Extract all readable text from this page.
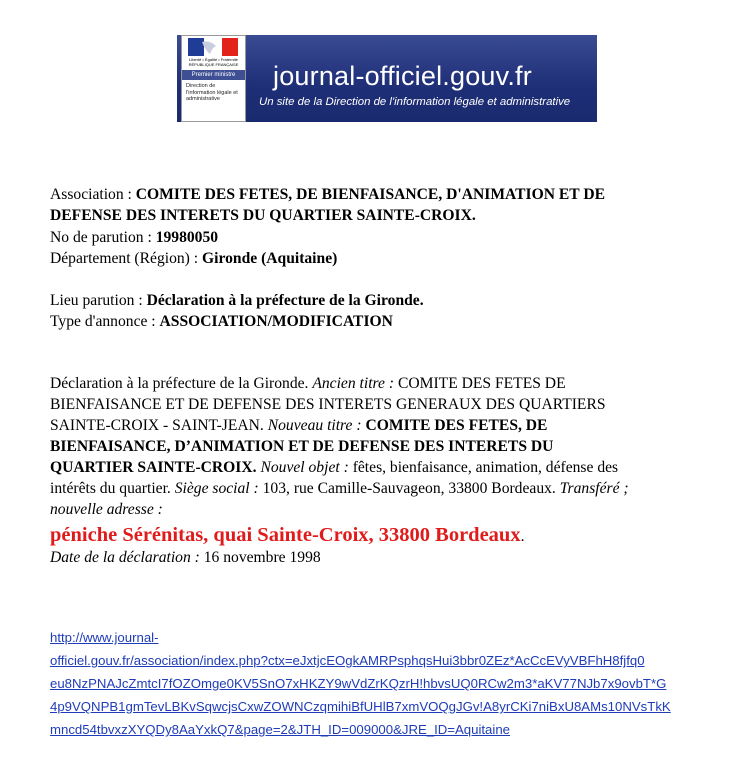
Liberté • Égalité • Fraternité RÉPUBLIQUE FRANÇAISE
Premier ministre
Direction de l'information légale et administrative
journal-officiel.gouv.fr
Un site de la Direction de l'information légale et administrative
Association : COMITE DES FETES, DE BIENFAISANCE, D'ANIMATION ET DE
DEFENSE DES INTERETS DU QUARTIER SAINTE-CROIX.
No de parution : 19980050
Département (Région) : Gironde (Aquitaine)
Lieu parution : Déclaration à la préfecture de la Gironde.
Type d'annonce : ASSOCIATION/MODIFICATION
Déclaration à la préfecture de la Gironde. Ancien titre : COMITE DES FETES DE
BIENFAISANCE ET DE DEFENSE DES INTERETS GENERAUX DES QUARTIERS
SAINTE-CROIX - SAINT-JEAN. Nouveau titre : COMITE DES FETES, DE
BIENFAISANCE, D’ANIMATION ET DE DEFENSE DES INTERETS DU
QUARTIER SAINTE-CROIX. Nouvel objet : fêtes, bienfaisance, animation, défense des
intérêts du quartier. Siège social : 103, rue Camille-Sauvageon, 33800 Bordeaux. Transféré ;
nouvelle adresse :
péniche Sérénitas, quai Sainte-Croix, 33800 Bordeaux.
Date de la déclaration : 16 novembre 1998
http://www.journal-
officiel.gouv.fr/association/index.php?ctx=eJxtjcEOgkAMRPsphqsHui3bbr0ZEz*AcCcEVyVBFhH8fjfq0
eu8NzPNAJcZmtcI7fOZOmge0KV5SnO7xHKZY9wVdZrKQzrH!hbvsUQ0RCw2m3*aKV77NJb7x9ovbT*G
4p9VQNPB1gmTevLBKvSqwcjsCxwZOWNCzqmihiBfUHlB7xmVOQgJGv!A8yrCKi7niBxU8AMs10NVsTkK
mncd54tbvxzXYQDy8AaYxkQ7&page=2&JTH_ID=009000&JRE_ID=Aquitaine
